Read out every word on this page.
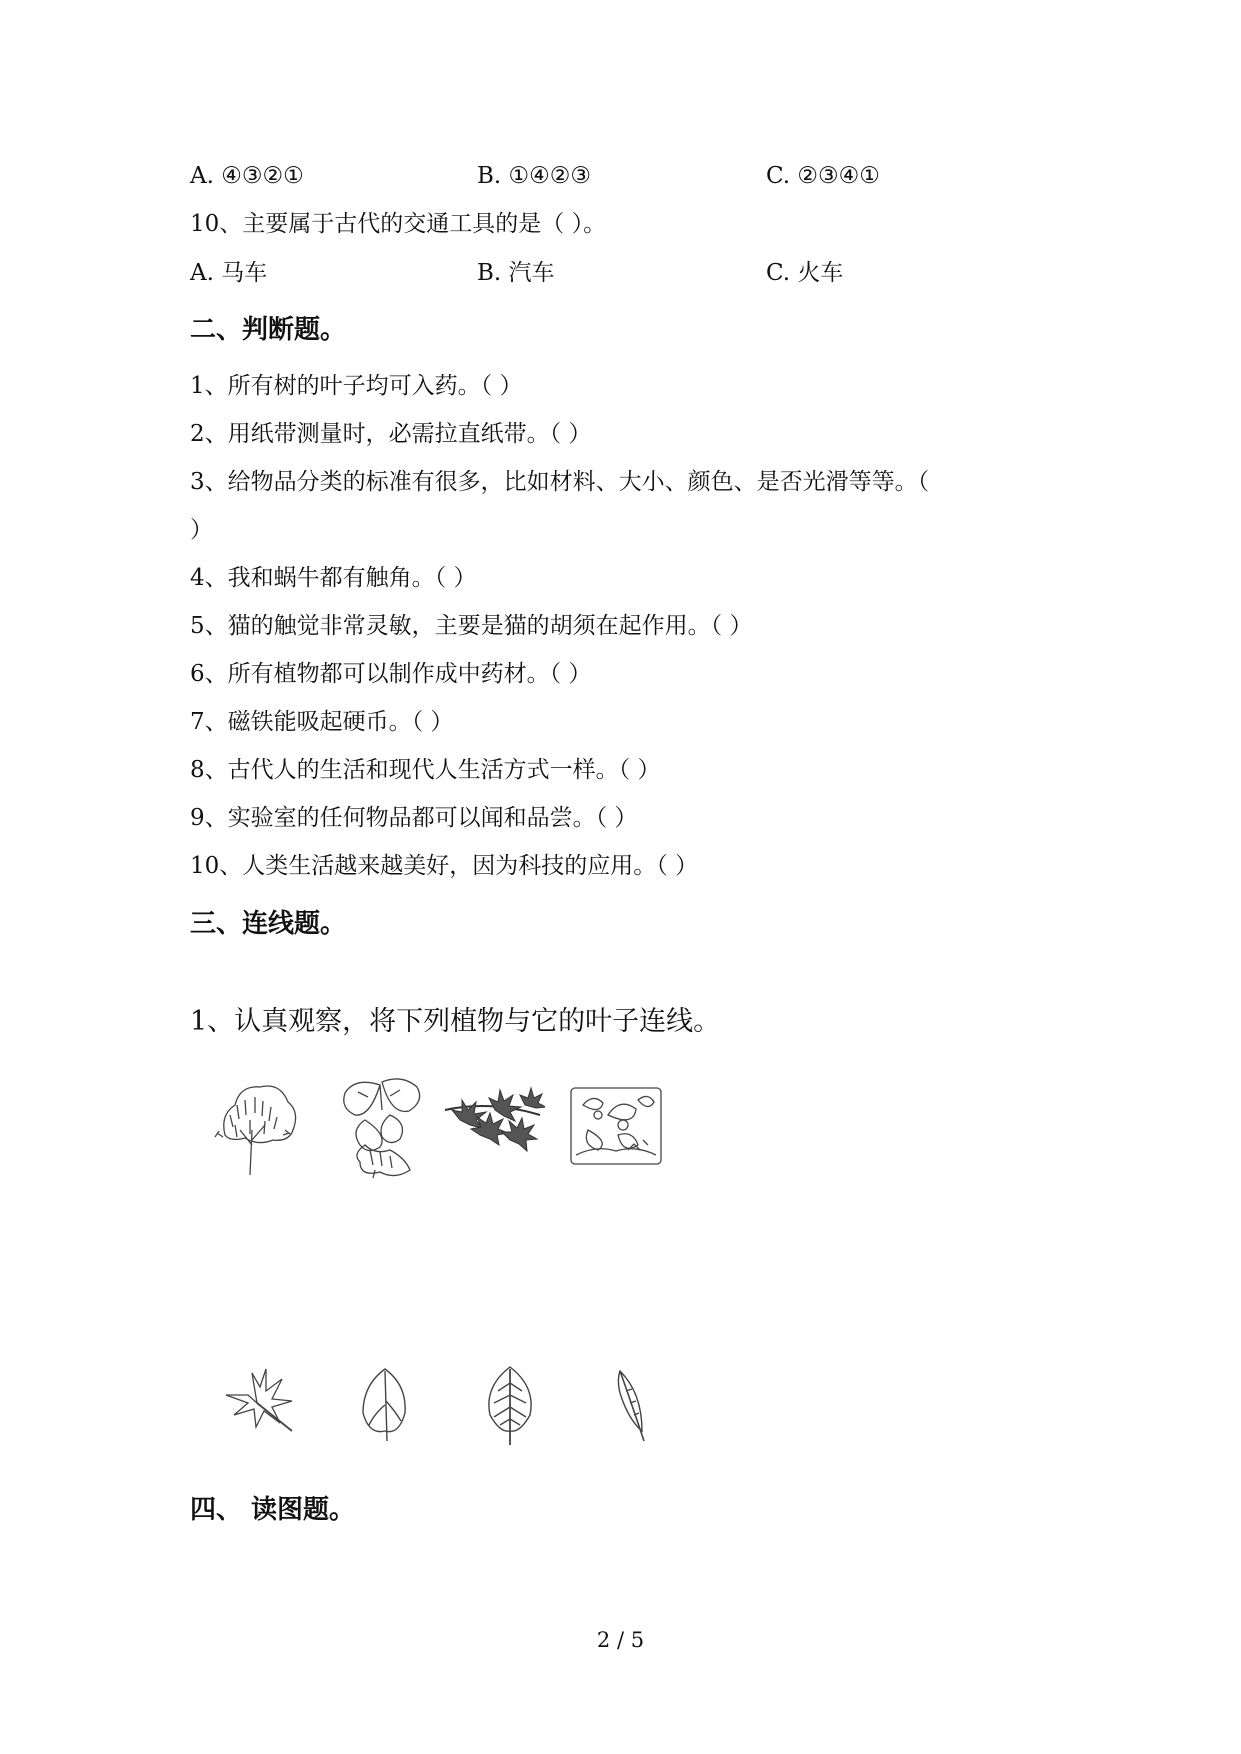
A. ④③②①	B. ①④②③	C. ②③④①
10、主要属于古代的交通工具的是（ ）。
A. 马车	B. 汽车	C. 火车
二、判断题。
1、所有树的叶子均可入药。（ ）
2、用纸带测量时，必需拉直纸带。（ ）
3、给物品分类的标准有很多，比如材料、大小、颜色、是否光滑等等。（
）
4、我和蜗牛都有触角。（ ）
5、猫的触觉非常灵敏，主要是猫的胡须在起作用。（ ）
6、所有植物都可以制作成中药材。（ ）
7、磁铁能吸起硬币。（ ）
8、古代人的生活和现代人生活方式一样。（ ）
9、实验室的任何物品都可以闻和品尝。（ ）
10、人类生活越来越美好，因为科技的应用。（ ）
三、连线题。
1、认真观察，将下列植物与它的叶子连线。
四、 读图题。
2 / 5
